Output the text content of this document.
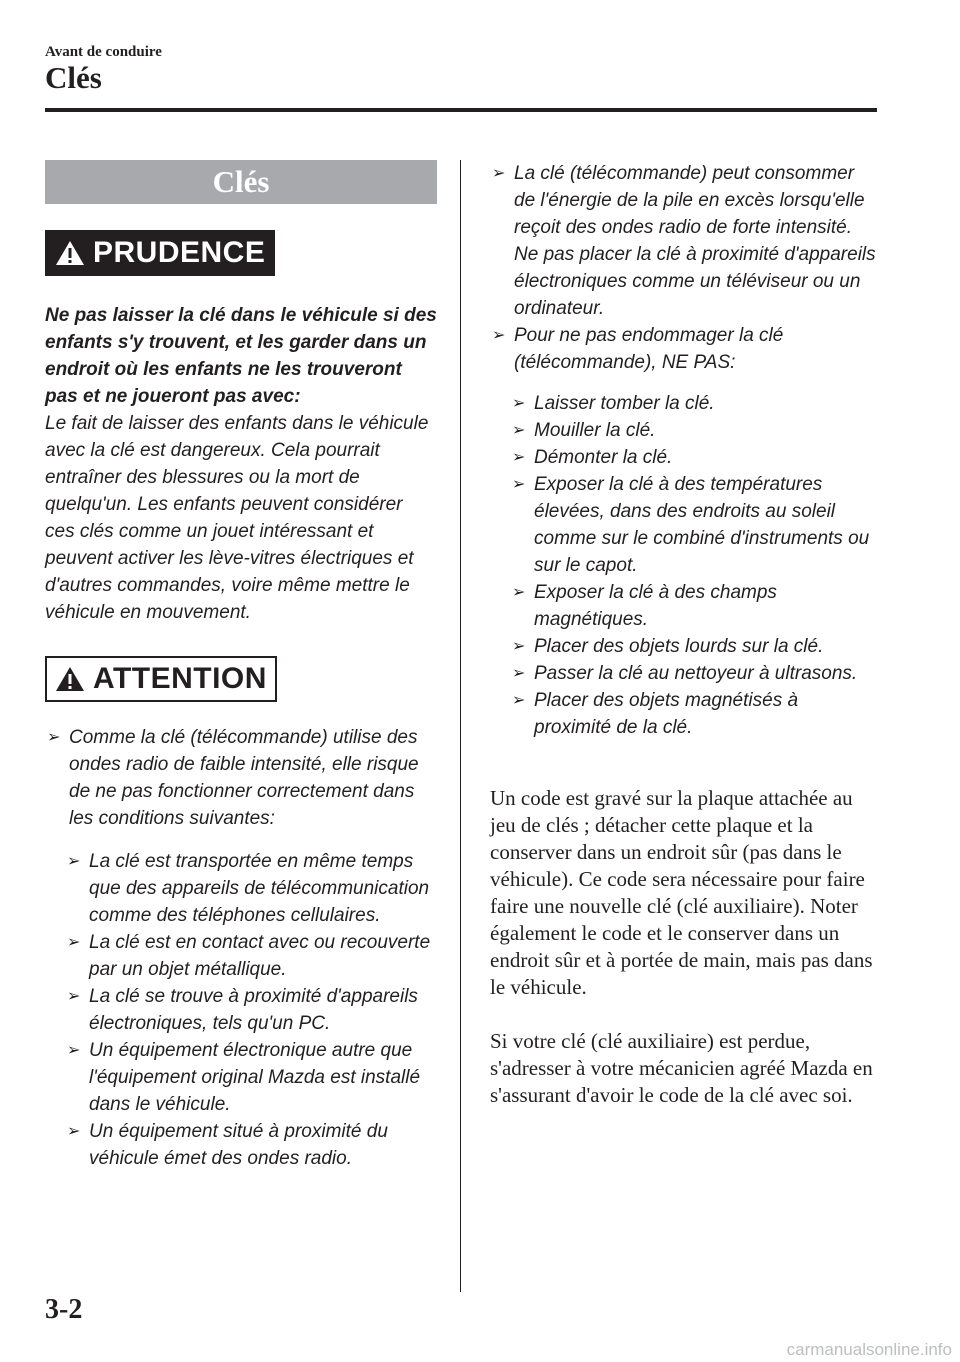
Avant de conduire
Clés
Clés
PRUDENCE
Ne pas laisser la clé dans le véhicule si des enfants s'y trouvent, et les garder dans un endroit où les enfants ne les trouveront pas et ne joueront pas avec:
Le fait de laisser des enfants dans le véhicule avec la clé est dangereux. Cela pourrait entraîner des blessures ou la mort de quelqu'un. Les enfants peuvent considérer ces clés comme un jouet intéressant et peuvent activer les lève-vitres électriques et d'autres commandes, voire même mettre le véhicule en mouvement.
ATTENTION
➢ Comme la clé (télécommande) utilise des ondes radio de faible intensité, elle risque de ne pas fonctionner correctement dans les conditions suivantes:
➢ La clé est transportée en même temps que des appareils de télécommunication comme des téléphones cellulaires.
➢ La clé est en contact avec ou recouverte par un objet métallique.
➢ La clé se trouve à proximité d'appareils électroniques, tels qu'un PC.
➢ Un équipement électronique autre que l'équipement original Mazda est installé dans le véhicule.
➢ Un équipement situé à proximité du véhicule émet des ondes radio.
➢ La clé (télécommande) peut consommer de l'énergie de la pile en excès lorsqu'elle reçoit des ondes radio de forte intensité. Ne pas placer la clé à proximité d'appareils électroniques comme un téléviseur ou un ordinateur.
➢ Pour ne pas endommager la clé (télécommande), NE PAS:
➢ Laisser tomber la clé.
➢ Mouiller la clé.
➢ Démonter la clé.
➢ Exposer la clé à des températures élevées, dans des endroits au soleil comme sur le combiné d'instruments ou sur le capot.
➢ Exposer la clé à des champs magnétiques.
➢ Placer des objets lourds sur la clé.
➢ Passer la clé au nettoyeur à ultrasons.
➢ Placer des objets magnétisés à proximité de la clé.
Un code est gravé sur la plaque attachée au jeu de clés ; détacher cette plaque et la conserver dans un endroit sûr (pas dans le véhicule). Ce code sera nécessaire pour faire faire une nouvelle clé (clé auxiliaire). Noter également le code et le conserver dans un endroit sûr et à portée de main, mais pas dans le véhicule.
Si votre clé (clé auxiliaire) est perdue, s'adresser à votre mécanicien agréé Mazda en s'assurant d'avoir le code de la clé avec soi.
3-2
carmanualsonline.info
